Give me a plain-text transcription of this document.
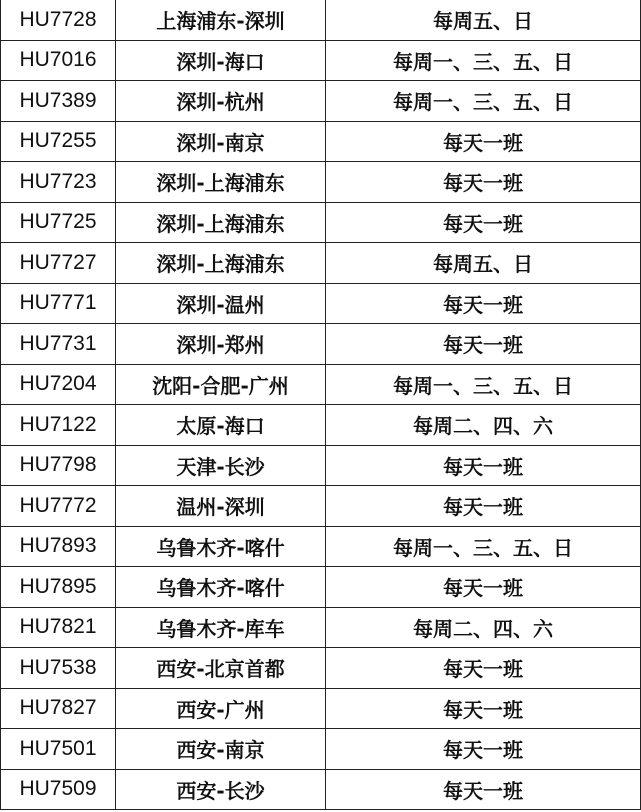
HU7728	上海浦东-深圳	每周五、日
HU7016	深圳-海口	每周一、三、五、日
HU7389	深圳-杭州	每周一、三、五、日
HU7255	深圳-南京	每天一班
HU7723	深圳-上海浦东	每天一班
HU7725	深圳-上海浦东	每天一班
HU7727	深圳-上海浦东	每周五、日
HU7771	深圳-温州	每天一班
HU7731	深圳-郑州	每天一班
HU7204	沈阳-合肥-广州	每周一、三、五、日
HU7122	太原-海口	每周二、四、六
HU7798	天津-长沙	每天一班
HU7772	温州-深圳	每天一班
HU7893	乌鲁木齐-喀什	每周一、三、五、日
HU7895	乌鲁木齐-喀什	每天一班
HU7821	乌鲁木齐-库车	每周二、四、六
HU7538	西安-北京首都	每天一班
HU7827	西安-广州	每天一班
HU7501	西安-南京	每天一班
HU7509	西安-长沙	每天一班
